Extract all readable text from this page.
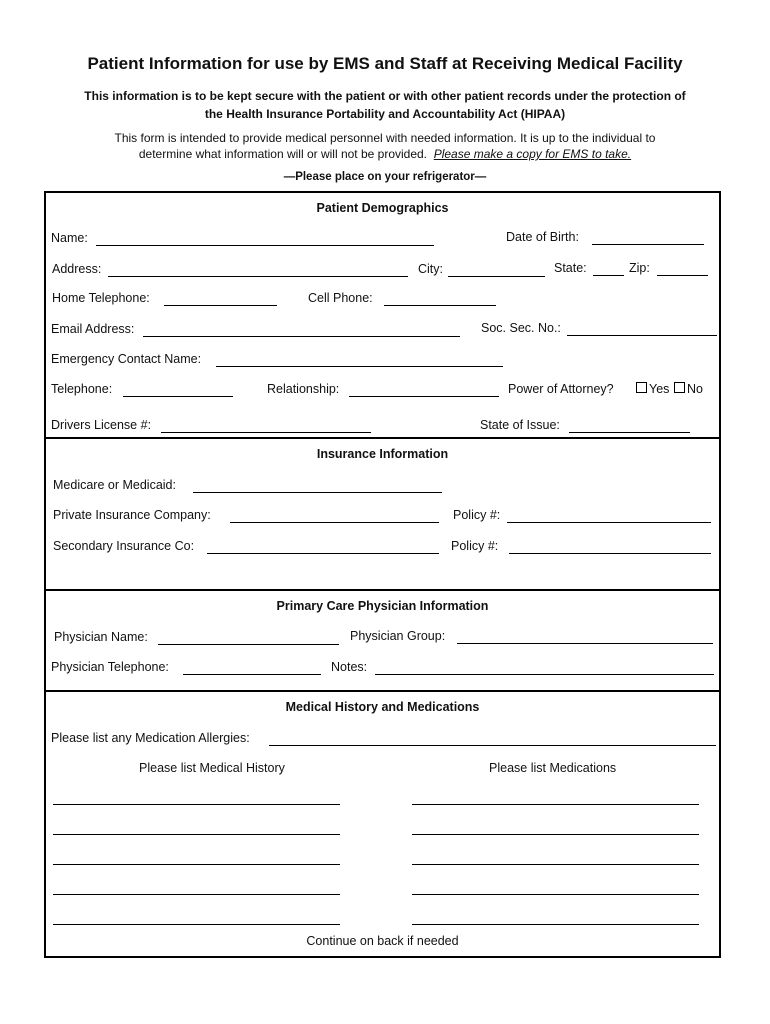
Patient Information for use by EMS and Staff at Receiving Medical Facility
This information is to be kept secure with the patient or with other patient records under the protection of
the Health Insurance Portability and Accountability Act (HIPAA)
This form is intended to provide medical personnel with needed information. It is up to the individual to
determine what information will or will not be provided. Please make a copy for EMS to take.
—Please place on your refrigerator—
Patient Demographics
Name:	Date of Birth:
Address:	City:	State:	Zip:
Home Telephone:	Cell Phone:
Email Address:	Soc. Sec. No.:
Emergency Contact Name:
Telephone:	Relationship:	Power of Attorney?	Yes No
Drivers License #:	State of Issue:
Insurance Information
Medicare or Medicaid:
Private Insurance Company:	Policy #:
Secondary Insurance Co:	Policy #:
Primary Care Physician Information
Physician Name:	Physician Group:
Physician Telephone:	Notes:
Medical History and Medications
Please list any Medication Allergies:
Please list Medical History	Please list Medications
Continue on back if needed
